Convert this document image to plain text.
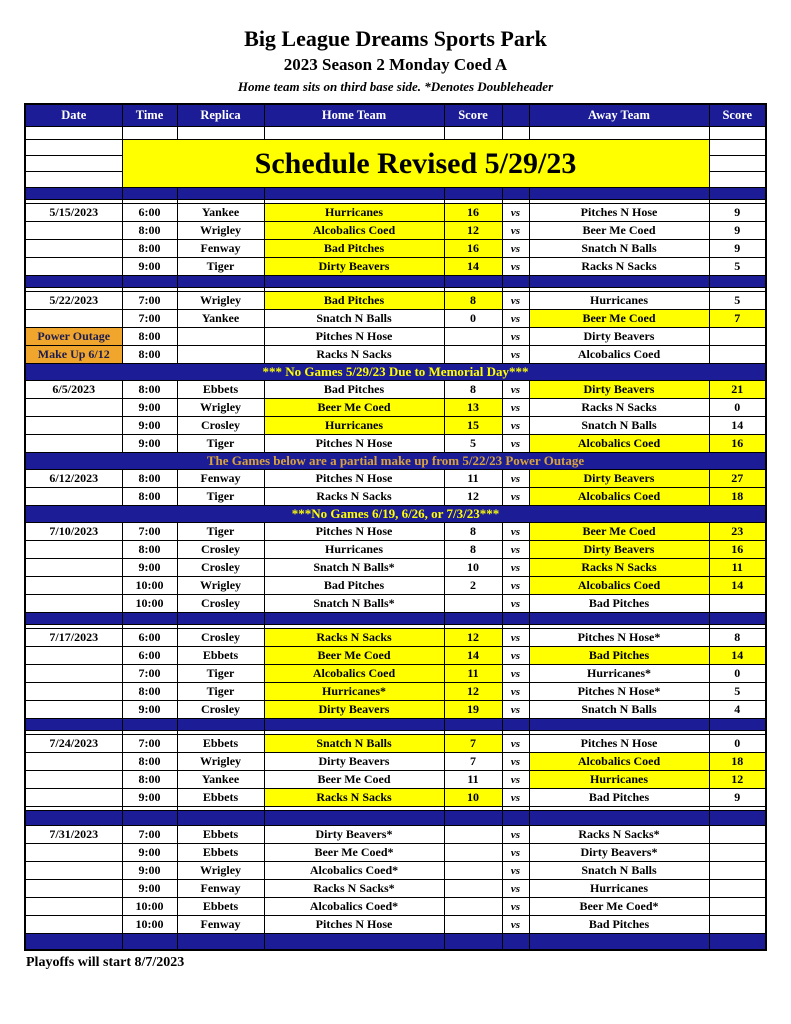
Big League Dreams Sports Park
2023 Season 2 Monday Coed A
Home team sits on third base side. *Denotes Doubleheader
Date	Time	Replica	Home Team	Score		Away Team	Score

	Schedule Revised 5/29/23						

5/15/2023	6:00	Yankee	Hurricanes	16	vs	Pitches N Hose	9
	8:00	Wrigley	Alcobalics Coed	12	vs	Beer Me Coed	9
	8:00	Fenway	Bad Pitches	16	vs	Snatch N Balls	9
	9:00	Tiger	Dirty Beavers	14	vs	Racks N Sacks	5

5/22/2023	7:00	Wrigley	Bad Pitches	8	vs	Hurricanes	5
	7:00	Yankee	Snatch N Balls	0	vs	Beer Me Coed	7
Power Outage	8:00		Pitches N Hose		vs	Dirty Beavers	
Make Up 6/12	8:00		Racks N Sacks		vs	Alcobalics Coed	
*** No Games 5/29/23 Due to Memorial Day***							
6/5/2023	8:00	Ebbets	Bad Pitches	8	vs	Dirty Beavers	21
	9:00	Wrigley	Beer Me Coed	13	vs	Racks N Sacks	0
	9:00	Crosley	Hurricanes	15	vs	Snatch N Balls	14
	9:00	Tiger	Pitches N Hose	5	vs	Alcobalics Coed	16
The Games below are a partial make up from 5/22/23 Power Outage							
6/12/2023	8:00	Fenway	Pitches N Hose	11	vs	Dirty Beavers	27
	8:00	Tiger	Racks N Sacks	12	vs	Alcobalics Coed	18
***No Games 6/19, 6/26, or 7/3/23***							
7/10/2023	7:00	Tiger	Pitches N Hose	8	vs	Beer Me Coed	23
	8:00	Crosley	Hurricanes	8	vs	Dirty Beavers	16
	9:00	Crosley	Snatch N Balls*	10	vs	Racks N Sacks	11
	10:00	Wrigley	Bad Pitches	2	vs	Alcobalics Coed	14
	10:00	Crosley	Snatch N Balls*		vs	Bad Pitches	

7/17/2023	6:00	Crosley	Racks N Sacks	12	vs	Pitches N Hose*	8
	6:00	Ebbets	Beer Me Coed	14	vs	Bad Pitches	14
	7:00	Tiger	Alcobalics Coed	11	vs	Hurricanes*	0
	8:00	Tiger	Hurricanes*	12	vs	Pitches N Hose*	5
	9:00	Crosley	Dirty Beavers	19	vs	Snatch N Balls	4

7/24/2023	7:00	Ebbets	Snatch N Balls	7	vs	Pitches N Hose	0
	8:00	Wrigley	Dirty Beavers	7	vs	Alcobalics Coed	18
	8:00	Yankee	Beer Me Coed	11	vs	Hurricanes	12
	9:00	Ebbets	Racks N Sacks	10	vs	Bad Pitches	9

7/31/2023	7:00	Ebbets	Dirty Beavers*		vs	Racks N Sacks*	
	9:00	Ebbets	Beer Me Coed*		vs	Dirty Beavers*	
	9:00	Wrigley	Alcobalics Coed*		vs	Snatch N Balls	
	9:00	Fenway	Racks N Sacks*		vs	Hurricanes	
	10:00	Ebbets	Alcobalics Coed*		vs	Beer Me Coed*	
	10:00	Fenway	Pitches N Hose		vs	Bad Pitches	

Playoffs will start 8/7/2023
